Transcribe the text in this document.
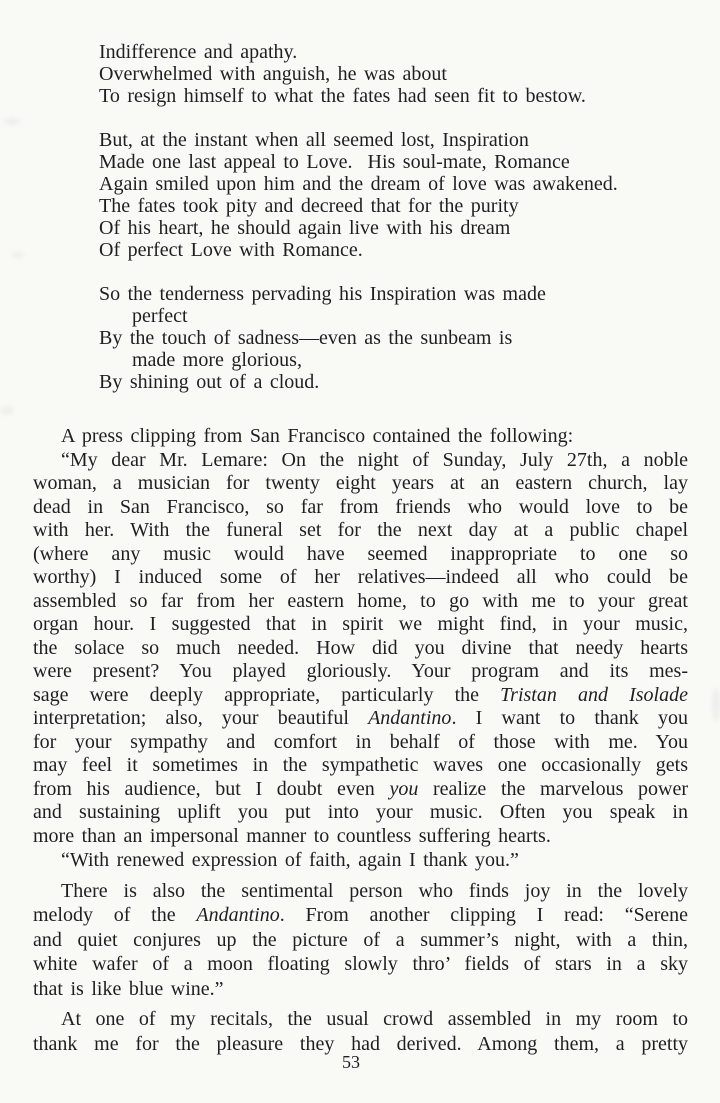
Indifference and apathy.
Overwhelmed with anguish, he was about
To resign himself to what the fates had seen fit to bestow.
But, at the instant when all seemed lost, Inspiration
Made one last appeal to Love.  His soul-mate, Romance
Again smiled upon him and the dream of love was awakened.
The fates took pity and decreed that for the purity
Of his heart, he should again live with his dream
Of perfect Love with Romance.
So the tenderness pervading his Inspiration was made
perfect
By the touch of sadness—even as the sunbeam is
made more glorious,
By shining out of a cloud.
A press clipping from San Francisco contained the following:
“My dear Mr. Lemare: On the night of Sunday, July 27th, a noble
woman, a musician for twenty eight years at an eastern church, lay
dead in San Francisco, so far from friends who would love to be
with her. With the funeral set for the next day at a public chapel
(where any music would have seemed inappropriate to one so
worthy) I induced some of her relatives—indeed all who could be
assembled so far from her eastern home, to go with me to your great
organ hour. I suggested that in spirit we might find, in your music,
the solace so much needed. How did you divine that needy hearts
were present? You played gloriously. Your program and its mes-
sage were deeply appropriate, particularly the Tristan and Isolade
interpretation; also, your beautiful Andantino. I want to thank you
for your sympathy and comfort in behalf of those with me. You
may feel it sometimes in the sympathetic waves one occasionally gets
from his audience, but I doubt even you realize the marvelous power
and sustaining uplift you put into your music. Often you speak in
more than an impersonal manner to countless suffering hearts.
“With renewed expression of faith, again I thank you.”
There is also the sentimental person who finds joy in the lovely
melody of the Andantino. From another clipping I read: “Serene
and quiet conjures up the picture of a summer’s night, with a thin,
white wafer of a moon floating slowly thro’ fields of stars in a sky
that is like blue wine.”
At one of my recitals, the usual crowd assembled in my room to
thank me for the pleasure they had derived. Among them, a pretty
53
